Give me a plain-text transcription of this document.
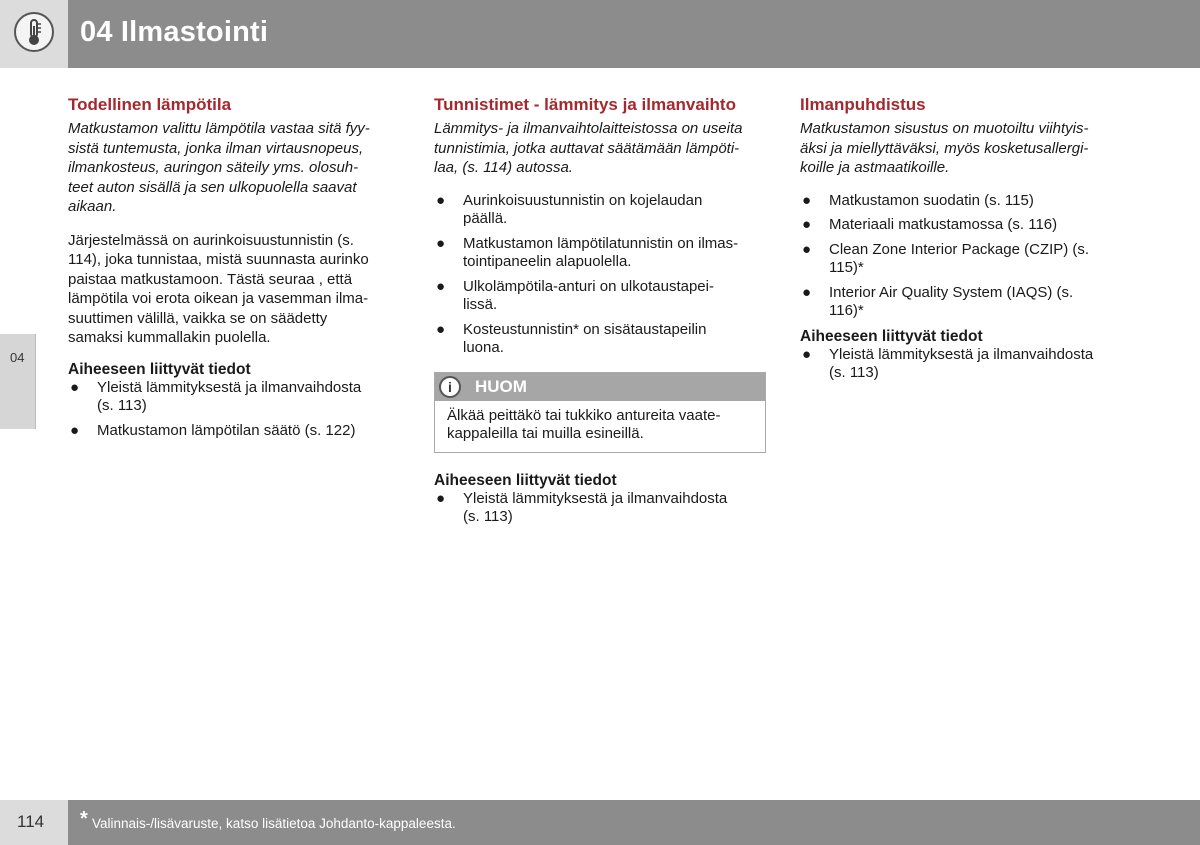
04 Ilmastointi
04
Todellinen lämpötila

Matkustamon valittu lämpötila vastaa sitä fyy-
sistä tuntemusta, jonka ilman virtausnopeus,
ilmankosteus, auringon säteily yms. olosuh-
teet auton sisällä ja sen ulkopuolella saavat
aikaan.

Järjestelmässä on aurinkoisuustunnistin (s.
114), joka tunnistaa, mistä suunnasta aurinko
paistaa matkustamoon. Tästä seuraa , että
lämpötila voi erota oikean ja vasemman ilma-
suuttimen välillä, vaikka se on säädetty
samaksi kummallakin puolella.

Aiheeseen liittyvät tiedot
● Yleistä lämmityksestä ja ilmanvaihdosta
(s. 113)
● Matkustamon lämpötilan säätö (s. 122)
Tunnistimet - lämmitys ja ilmanvaihto

Lämmitys- ja ilmanvaihtolaitteistossa on useita
tunnistimia, jotka auttavat säätämään lämpöti-
laa, (s. 114) autossa.

● Aurinkoisuustunnistin on kojelaudan
päällä.
● Matkustamon lämpötilatunnistin on ilmas-
tointipaneelin alapuolella.
● Ulkolämpötila-anturi on ulkotaustapei-
lissä.
● Kosteustunnistin* on sisätaustapeilin
luona.
i	HUOM
Älkää peittäkö tai tukkiko antureita vaate-
kappaleilla tai muilla esineillä.
Aiheeseen liittyvät tiedot
● Yleistä lämmityksestä ja ilmanvaihdosta
(s. 113)
Ilmanpuhdistus

Matkustamon sisustus on muotoiltu viihtyis-
äksi ja miellyttäväksi, myös kosketusallergi-
koille ja astmaatikoille.

● Matkustamon suodatin (s. 115)
● Materiaali matkustamossa (s. 116)
● Clean Zone Interior Package (CZIP) (s.
115)*
● Interior Air Quality System (IAQS) (s.
116)*
Aiheeseen liittyvät tiedot
● Yleistä lämmityksestä ja ilmanvaihdosta
(s. 113)
114 * Valinnais-/lisävaruste, katso lisätietoa Johdanto-kappaleesta.
